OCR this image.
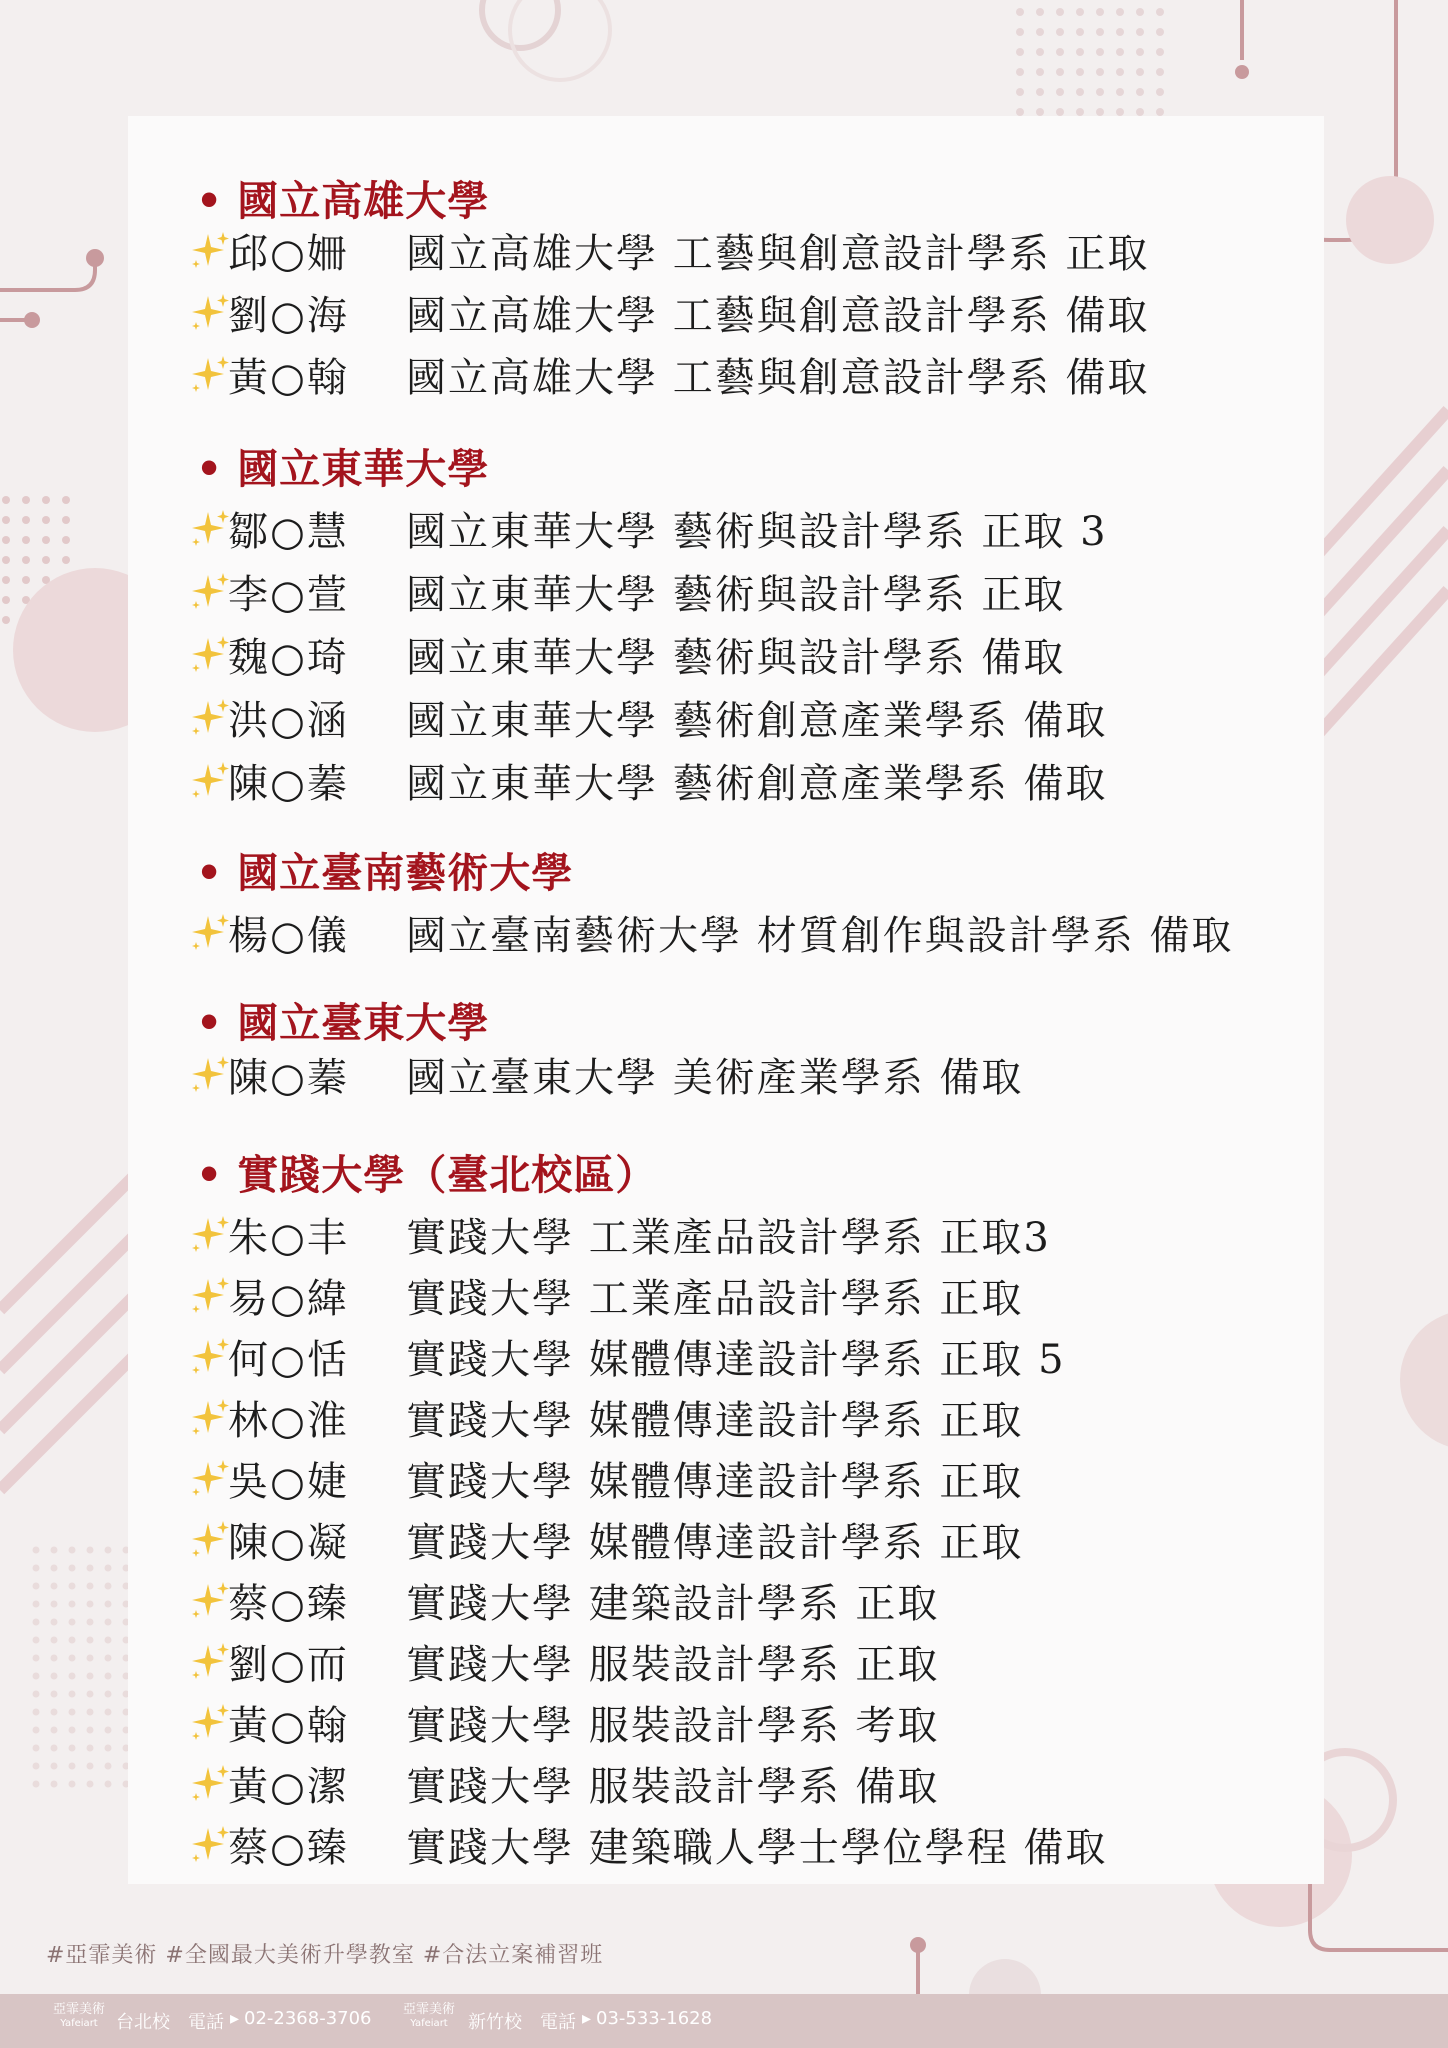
• 國立高雄大學
邱○姍 國立高雄大學 工藝與創意設計學系 正取
劉○海 國立高雄大學 工藝與創意設計學系 備取
黃○翰 國立高雄大學 工藝與創意設計學系 備取
• 國立東華大學
鄒○慧 國立東華大學 藝術與設計學系 正取 3
李○萱 國立東華大學 藝術與設計學系 正取
魏○琦 國立東華大學 藝術與設計學系 備取
洪○涵 國立東華大學 藝術創意產業學系 備取
陳○蓁 國立東華大學 藝術創意產業學系 備取
• 國立臺南藝術大學
楊○儀 國立臺南藝術大學 材質創作與設計學系 備取
• 國立臺東大學
陳○蓁 國立臺東大學 美術產業學系 備取
• 實踐大學（臺北校區）
朱○丰 實踐大學 工業產品設計學系 正取3
易○緯 實踐大學 工業產品設計學系 正取
何○恬 實踐大學 媒體傳達設計學系 正取 5
林○淮 實踐大學 媒體傳達設計學系 正取
吳○婕 實踐大學 媒體傳達設計學系 正取
陳○凝 實踐大學 媒體傳達設計學系 正取
蔡○臻 實踐大學 建築設計學系 正取
劉○而 實踐大學 服裝設計學系 正取
黃○翰 實踐大學 服裝設計學系 考取
黃○潔 實踐大學 服裝設計學系 備取
蔡○臻 實踐大學 建築職人學士學位學程 備取
#亞霏美術 #全國最大美術升學教室 #合法立案補習班
亞霏美術
Yafeiart	台北校 電話 ▸ 02-2368-3706	亞霏美術
Yafeiart	新竹校 電話 ▸ 03-533-1628
